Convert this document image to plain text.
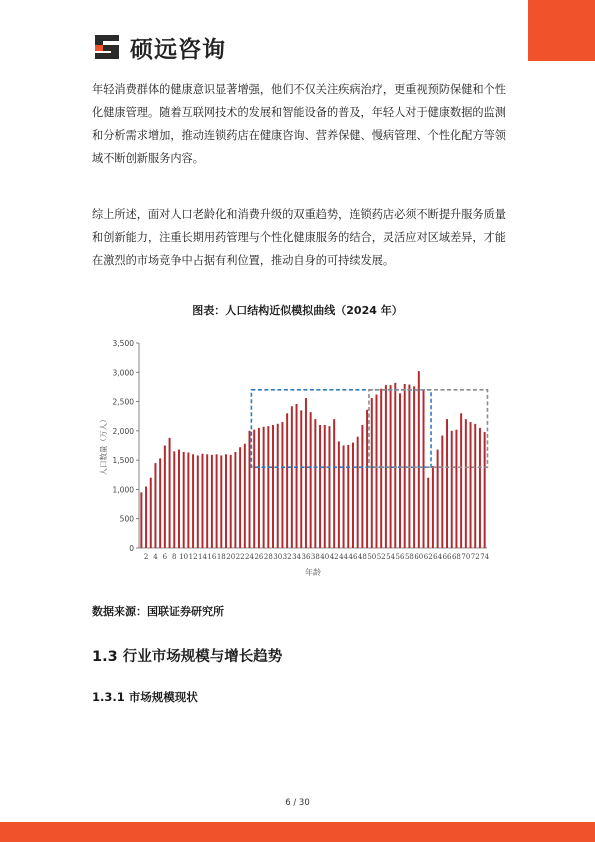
硕远咨询
年轻消费群体的健康意识显著增强，他们不仅关注疾病治疗，更重视预防保健和个性化健康管理。随着互联网技术的发展和智能设备的普及，年轻人对于健康数据的监测和分析需求增加，推动连锁药店在健康咨询、营养保健、慢病管理、个性化配方等领域不断创新服务内容。
综上所述，面对人口老龄化和消费升级的双重趋势，连锁药店必须不断提升服务质量和创新能力，注重长期用药管理与个性化健康服务的结合，灵活应对区域差异，才能在激烈的市场竞争中占据有利位置，推动自身的可持续发展。
图表：人口结构近似模拟曲线（2024 年）
0
500
1,000
1,500
2,000
2,500
3,000
3,500
2 4 6 8 10 12 14 16 18 20 22 24 26 28 30 32 34 36 38 40 42 44 46 48 50 52 54 56 58 60 62 64 66 68 70 72 74
年龄
人口数量（万人）
数据来源：国联证券研究所
1.3 行业市场规模与增长趋势
1.3.1 市场规模现状
6 / 30
